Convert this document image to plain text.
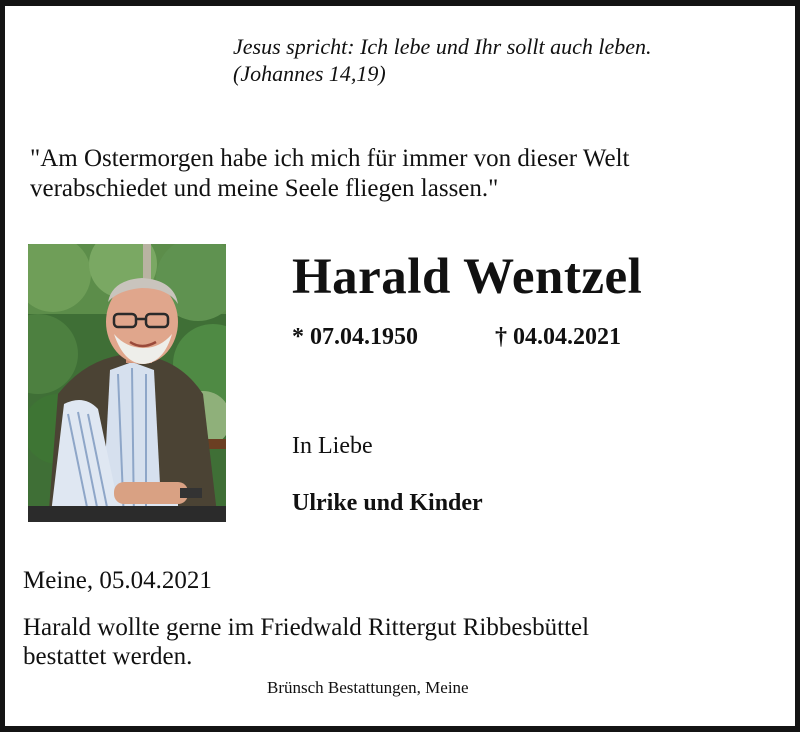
Jesus spricht: Ich lebe und Ihr sollt auch leben.
(Johannes 14,19)
"Am Ostermorgen habe ich mich für immer von dieser Welt
verabschiedet und meine Seele fliegen lassen."
Harald Wentzel
* 07.04.1950	† 04.04.2021
In Liebe
Ulrike und Kinder
Meine, 05.04.2021
Harald wollte gerne im Friedwald Rittergut Ribbesbüttel
bestattet werden.
Brünsch Bestattungen, Meine
